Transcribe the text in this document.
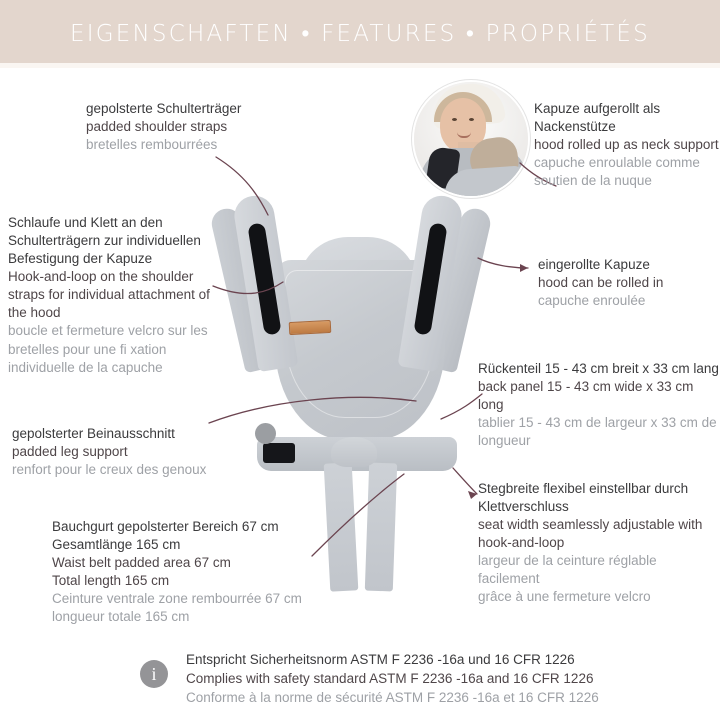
EIGENSCHAFTEN • FEATURES • PROPRIÉTÉS
gepolsterte Schulterträger
padded shoulder straps
bretelles rembourrées
Schlaufe und Klett an den
Schulterträgern zur individuellen
Befestigung der Kapuze
Hook-and-loop on the shoulder
straps for individual attachment of
the hood
boucle et fermeture velcro sur les
bretelles pour une fi xation
individuelle de la capuche
gepolsterter Beinausschnitt
padded leg support
renfort pour le creux des genoux
Bauchgurt gepolsterter Bereich 67 cm
Gesamtlänge 165 cm
Waist belt padded area 67 cm
Total length 165 cm
Ceinture ventrale zone rembourrée 67 cm
longueur totale 165 cm
Kapuze aufgerollt als
Nackenstütze
hood rolled up as neck support
capuche enroulable comme
soutien de la nuque
eingerollte Kapuze
hood can be rolled in
capuche enroulée
Rückenteil 15 - 43 cm breit x 33 cm lang
back panel 15 - 43 cm wide x 33 cm long
tablier 15 - 43 cm de largeur x 33 cm de
longueur
Stegbreite flexibel einstellbar durch
Klettverschluss
seat width seamlessly adjustable with
hook-and-loop
largeur de la ceinture réglable facilement
grâce à une fermeture velcro
i
Entspricht Sicherheitsnorm ASTM F 2236 -16a und 16 CFR 1226
Complies with safety standard ASTM F 2236 -16a and 16 CFR 1226
Conforme à la norme de sécurité ASTM F 2236 -16a et 16 CFR 1226
